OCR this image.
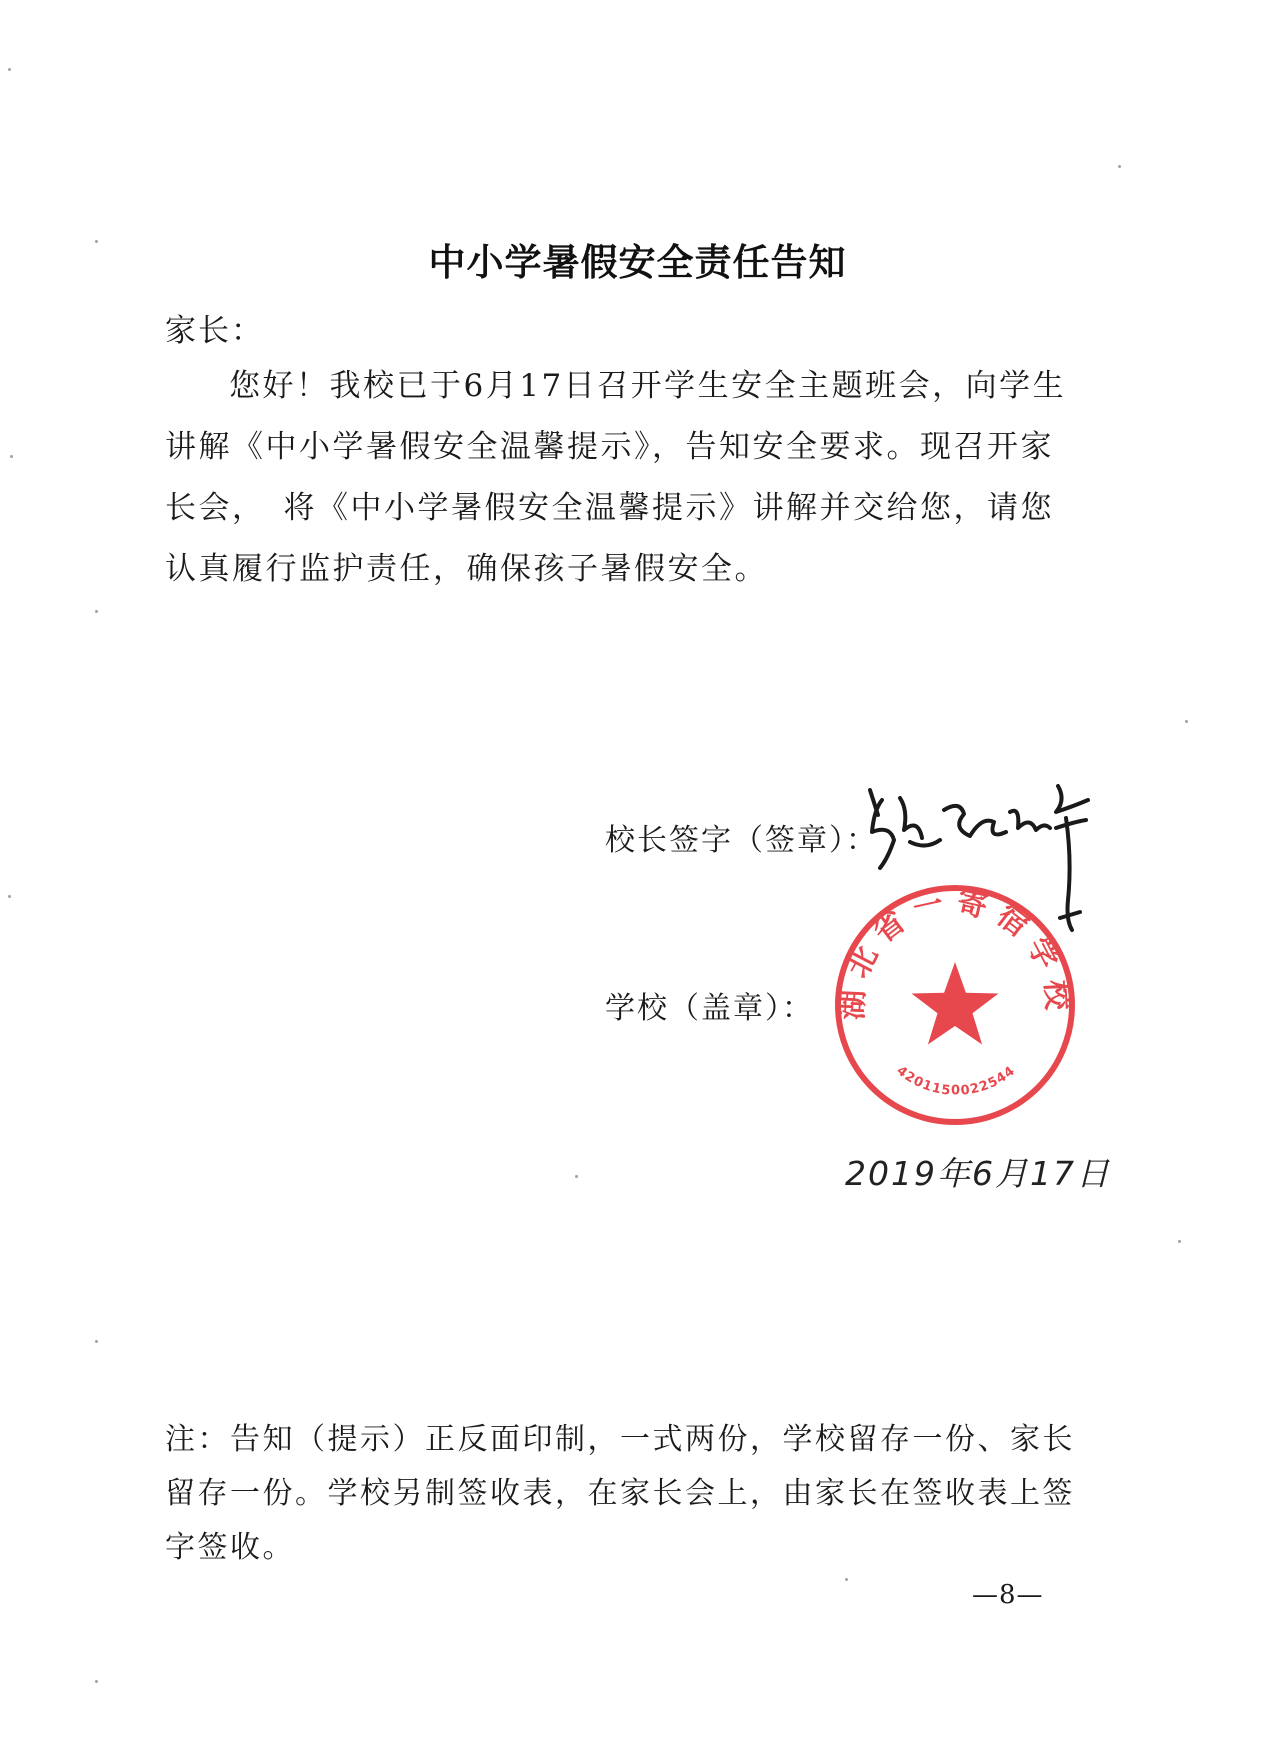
中小学暑假安全责任告知
家长：

您好！我校已于6月17日召开学生安全主题班会，向学生讲解《中小学暑假安全温馨提示》，告知安全要求。现召开家长会，　将《中小学暑假安全温馨提示》讲解并交给您，请您认真履行监护责任，确保孩子暑假安全。

校长签字（签章）：
学校（盖章）： 湖北省一寄宿学校
4201150022544
2019年6月17日
注：告知（提示）正反面印制，一式两份，学校留存一份、家长留存一份。学校另制签收表，在家长会上，由家长在签收表上签字签收。
—8—
